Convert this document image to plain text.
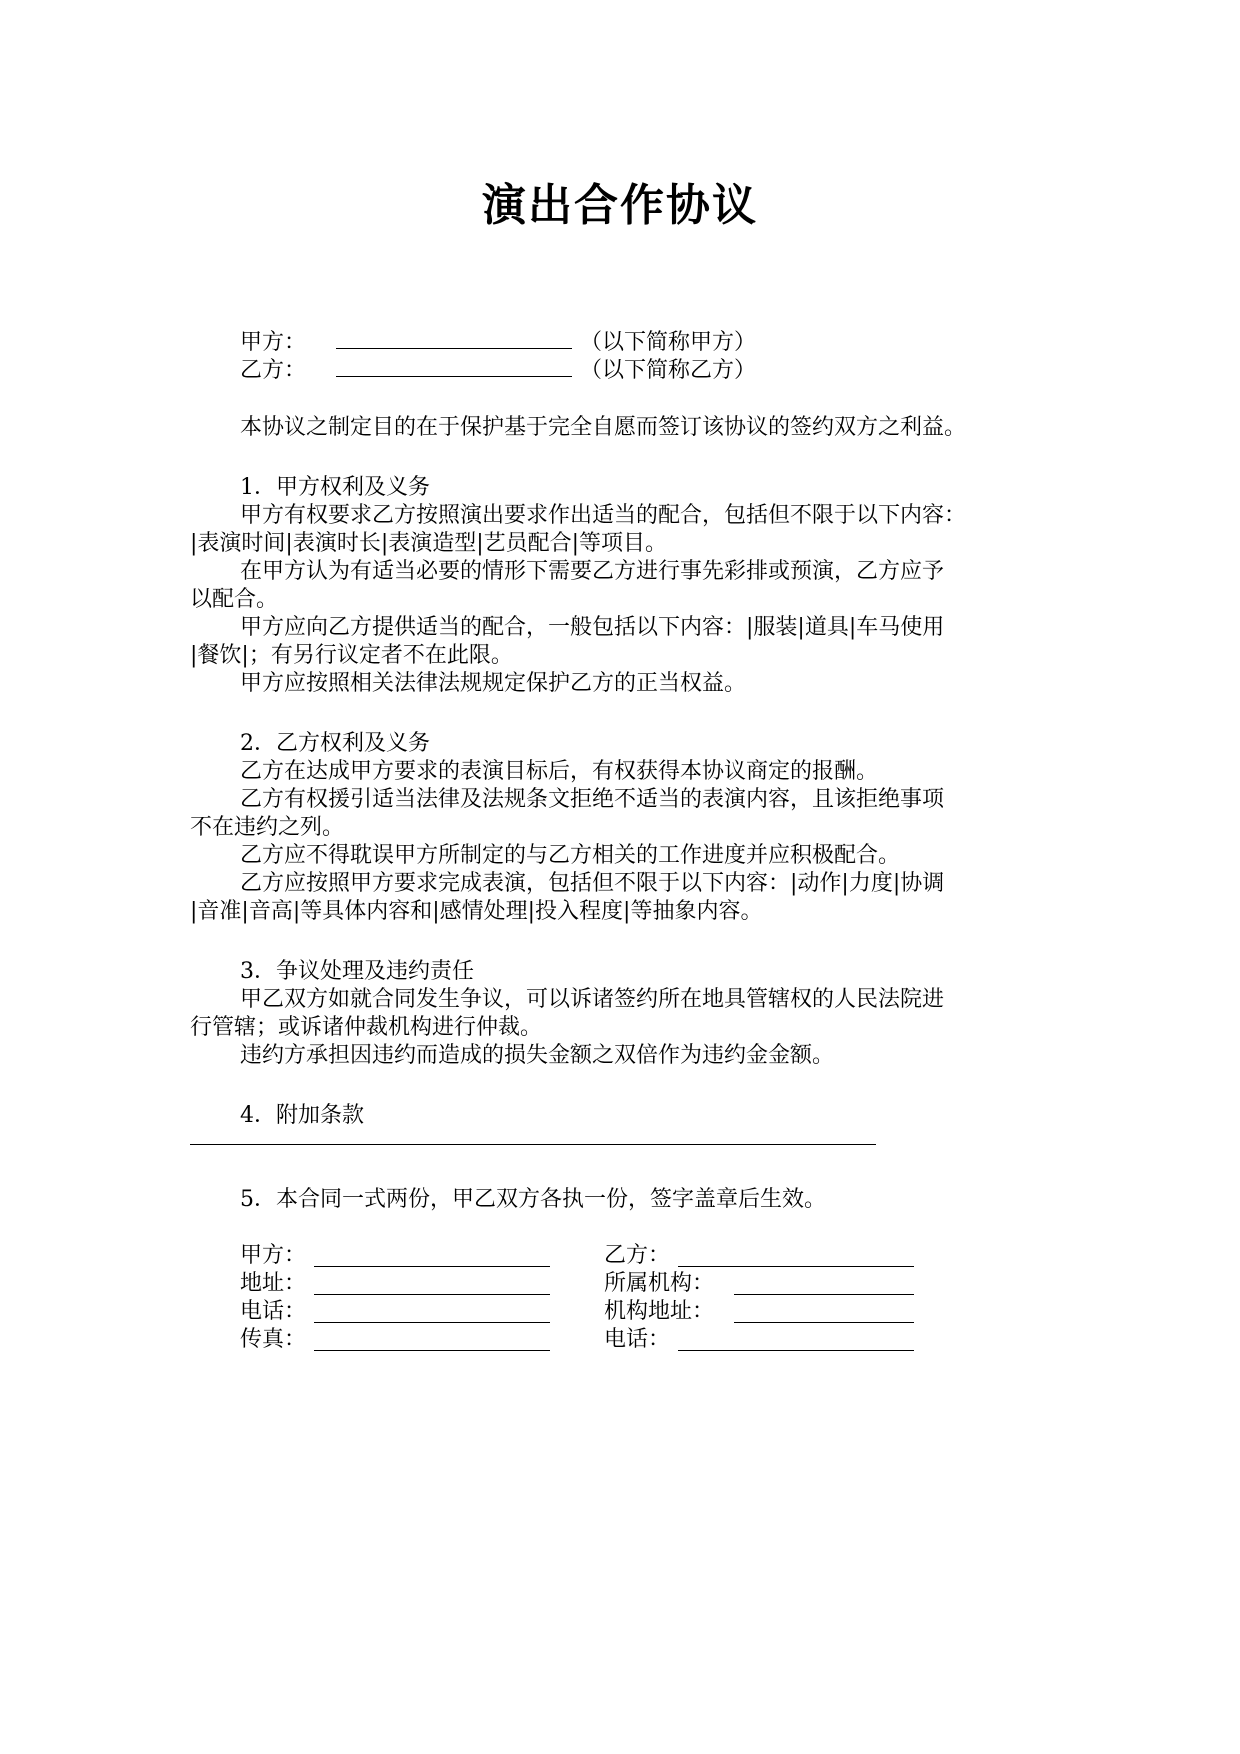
演出合作协议
甲方：	（以下简称甲方）
乙方：	（以下简称乙方）
本协议之制定目的在于保护基于完全自愿而签订该协议的签约双方之利益。
1．甲方权利及义务
甲方有权要求乙方按照演出要求作出适当的配合，包括但不限于以下内容：
|表演时间|表演时长|表演造型|艺员配合|等项目。
在甲方认为有适当必要的情形下需要乙方进行事先彩排或预演，乙方应予
以配合。
甲方应向乙方提供适当的配合，一般包括以下内容：|服装|道具|车马使用
|餐饮|；有另行议定者不在此限。
甲方应按照相关法律法规规定保护乙方的正当权益。
2．乙方权利及义务
乙方在达成甲方要求的表演目标后，有权获得本协议商定的报酬。
乙方有权援引适当法律及法规条文拒绝不适当的表演内容，且该拒绝事项
不在违约之列。
乙方应不得耽误甲方所制定的与乙方相关的工作进度并应积极配合。
乙方应按照甲方要求完成表演，包括但不限于以下内容：|动作|力度|协调
|音准|音高|等具体内容和|感情处理|投入程度|等抽象内容。
3．争议处理及违约责任
甲乙双方如就合同发生争议，可以诉诸签约所在地具管辖权的人民法院进
行管辖；或诉诸仲裁机构进行仲裁。
违约方承担因违约而造成的损失金额之双倍作为违约金金额。
4．附加条款
5．本合同一式两份，甲乙双方各执一份，签字盖章后生效。
甲方：
地址：
电话：
传真：
乙方：
所属机构：
机构地址：
电话：
